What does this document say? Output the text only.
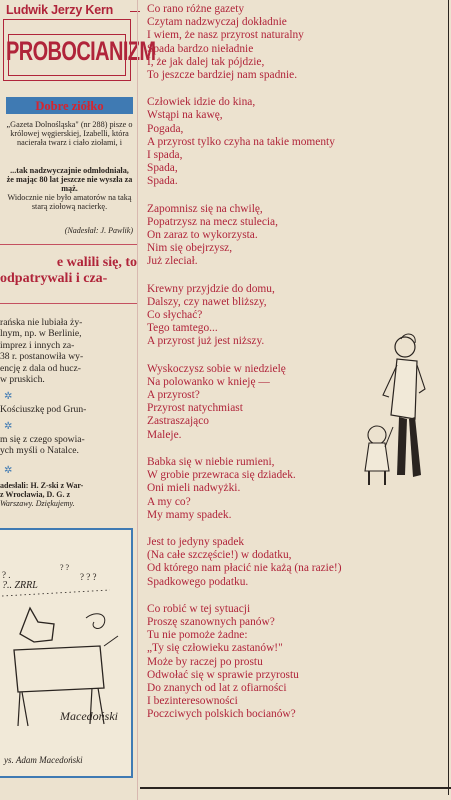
Ludwik Jerzy Kern
PROBOCIANIZM
Dobre ziółko
„Gazeta Dolnośląska" (nr 288) pisze o królowej węgierskiej, Izabelli, która nacierała twarz i ciało ziołami, i
...tak nadzwyczajnie odmłodniała, że mając 80 lat jeszcze nie wyszła za mąż.
Widocznie nie było amatorów na taką starą ziołową nacierkę.
(Nadesłał: J. Pawlik)
e walili się, to
odpatrywali i cza-
rańska nie lubiała ży-
lnym, np. w Berlinie,
imprez i innych za-
38 r. postanowiła wy-
encję z dala od hucz-
w pruskich.
✲
Kościuszkę pod Grun-
✲
m się z czego spowia-
ych myśli o Natalce.
✲
adesłali: H. Z-ski z War-
z Wrocławia, D. G. z
Warszawy. Dziękujemy.
? .
? ?
?.. ZRRL
? ? ?
Macedoński
ys. Adam Macedoński
Co rano różne gazety
Czytam nadzwyczaj dokładnie
I wiem, że nasz przyrost naturalny
Spada bardzo nieładnie
I, że jak dalej tak pójdzie,
To jeszcze bardziej nam spadnie.
Człowiek idzie do kina,
Wstąpi na kawę,
Pogada,
A przyrost tylko czyha na takie momenty
I spada,
Spada,
Spada.
Zapomnisz się na chwilę,
Popatrzysz na mecz stulecia,
On zaraz to wykorzysta.
Nim się obejrzysz,
Już zleciał.
Krewny przyjdzie do domu,
Dalszy, czy nawet bliższy,
Co słychać?
Tego tamtego...
A przyrost już jest niższy.
Wyskoczysz sobie w niedzielę
Na polowanko w knieję —
A przyrost?
Przyrost natychmiast
Zastraszająco
Maleje.
Babka się w niebie rumieni,
W grobie przewraca się dziadek.
Oni mieli nadwyżki.
A my co?
My mamy spadek.
Jest to jedyny spadek
(Na całe szczęście!) w dodatku,
Od którego nam płacić nie każą (na razie!)
Spadkowego podatku.
Co robić w tej sytuacji
Proszę szanownych panów?
Tu nie pomoże żadne:
„Ty się człowieku zastanów!"
Może by raczej po prostu
Odwołać się w sprawie przyrostu
Do znanych od lat z ofiarności
I bezinteresowności
Poczciwych polskich bocianów?
